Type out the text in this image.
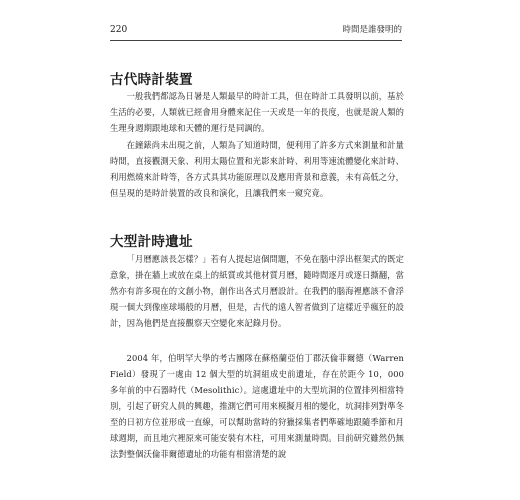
220	時間是誰發明的
古代時計裝置

一般我們都認為日暑是人類最早的時計工具，但在時計工具發明以前，基於生活的必要，人類就已經會用身體來記住一天或是一年的長度，也就是說人類的生理身週期跟地球和天體的運行是同調的。

在鐘錶尚未出現之前，人類為了知道時間，便利用了許多方式來測量和計量時間，直接觀測天象、利用太陽位置和光影來計時、利用等速流體變化來計時、利用燃燒來計時等，各方式具其功能原理以及應用背景和意義，未有高低之分，但呈現的是時計裝置的改良和演化，且讓我們來一窺究竟。

大型計時遺址

「月曆應該長怎樣？」若有人提起這個問題，不免在腦中浮出框架式的既定意象，掛在牆上或放在桌上的紙質或其他材質月曆，隨時間逐月或逐日撕翻，當然亦有許多現在的文創小物，創作出各式月曆設計。在我們的腦海裡應該不會浮現一個大到像座球場般的月曆，但是，古代的遠人智者做到了這樣近乎瘋狂的設計，因為他們是直接觀察天空變化來記錄月份。

2004 年，伯明罕大學的考古團隊在蘇格蘭亞伯丁郡沃倫菲爾德（Warren Field）發現了一處由 12 個大型的坑洞組成史前遺址，存在於距今 10，000 多年前的中石器時代（Mesolithic）。這處遺址中的大型坑洞的位置排列相當特別，引起了研究人員的興趣，推測它們可用來模擬月相的變化，坑洞排列對準冬至的日初方位並形成一直線，可以幫助當時的狩獵採集者們準確地跟隨季節和月球週期，而且地穴裡原來可能安裝有木柱，可用來測量時間。目前研究雖然仍無法對整個沃倫菲爾德遺址的功能有相當清楚的說
